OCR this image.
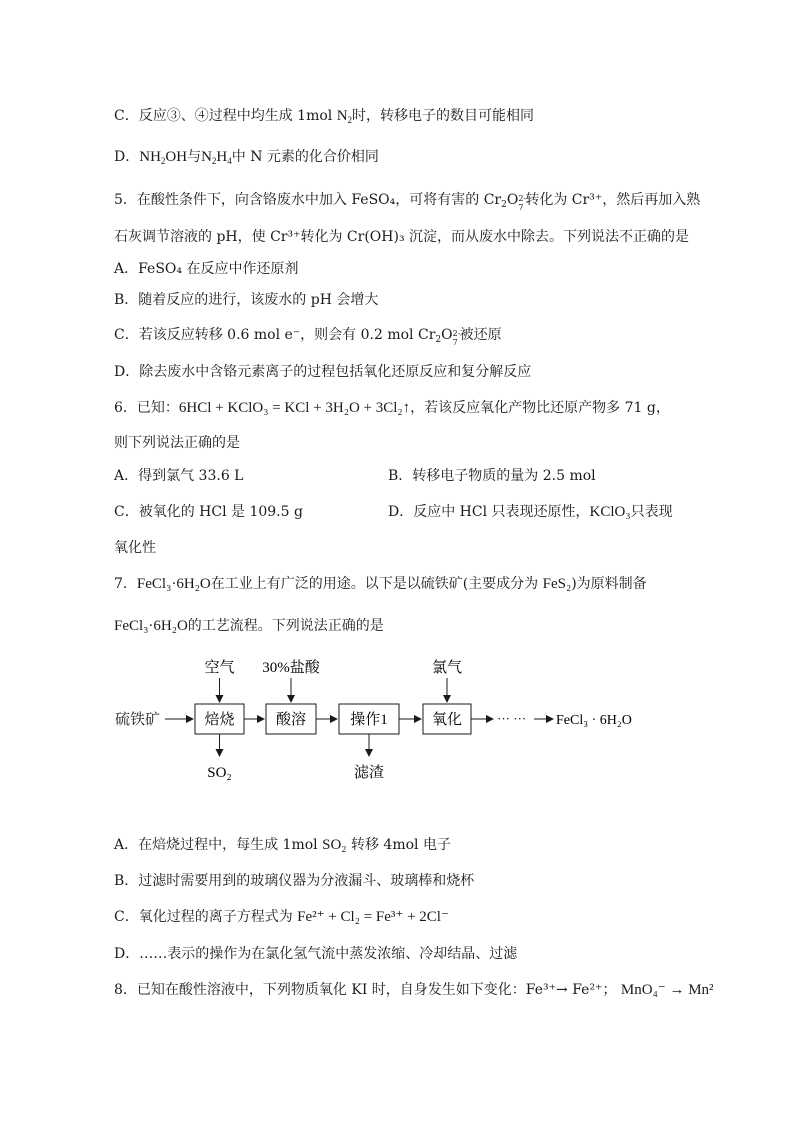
C．反应③、④过程中均生成 1mol $N_2$时，转移电子的数目可能相同
D．$NH_2OH$与$N_2H_4$中 N 元素的化合价相同
5．在酸性条件下，向含铬废水中加入 FeSO₄，可将有害的 $Cr_2O$ 2-
7 转化为 Cr³⁺，然后再加入熟
石灰调节溶液的 pH，使 Cr³⁺转化为 Cr(OH)₃ 沉淀，而从废水中除去。下列说法不正确的是
A．FeSO₄ 在反应中作还原剂
B．随着反应的进行，该废水的 pH 会增大
C．若该反应转移 0.6 mol e⁻，则会有 0.2 mol $Cr_2O$ 2-
7 被还原
D．除去废水中含铬元素离子的过程包括氧化还原反应和复分解反应
6．已知：6HCl + KClO₃ = KCl + 3H₂O + 3Cl₂↑，若该反应氧化产物比还原产物多 71 g，
则下列说法正确的是
A．得到氯气 33.6 L	B．转移电子物质的量为 2.5 mol
C．被氧化的 HCl 是 109.5 g	D．反应中 HCl 只表现还原性，KClO₃只表现
氧化性
7．FeCl₃·6H₂O在工业上有广泛的用途。以下是以硫铁矿(主要成分为 FeS₂)为原料制备
FeCl₃·6H₂O的工艺流程。下列说法正确的是
硫铁矿	焙烧
空气
SO₂
酸溶
30%盐酸
操作1
滤渣
氧化
氯气
··· ··· FeCl₃ · 6H₂O
A．在焙烧过程中，每生成 1mol SO₂ 转移 4mol 电子
B．过滤时需要用到的玻璃仪器为分液漏斗、玻璃棒和烧杯
C．氧化过程的离子方程式为 Fe²⁺ + Cl₂ = Fe³⁺ + 2Cl⁻
D．……表示的操作为在氯化氢气流中蒸发浓缩、冷却结晶、过滤
8．已知在酸性溶液中，下列物质氧化 KI 时，自身发生如下变化：Fe³⁺→ Fe²⁺； MnO₄⁻ → Mn²
